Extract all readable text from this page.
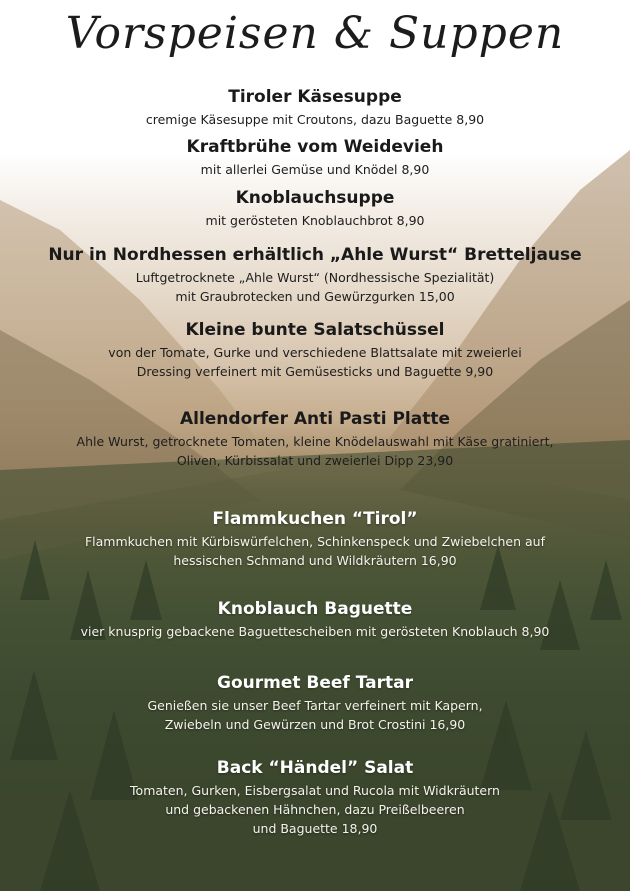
Vorspeisen & Suppen
Tiroler Käsesuppe
cremige Käsesuppe mit Croutons, dazu Baguette 8,90
Kraftbrühe vom Weidevieh
mit allerlei Gemüse und Knödel 8,90
Knoblauchsuppe
mit gerösteten Knoblauchbrot 8,90
Nur in Nordhessen erhältlich „Ahle Wurst“ Bretteljause
Luftgetrocknete „Ahle Wurst“ (Nordhessische Spezialität)
mit Graubrotecken und Gewürzgurken 15,00
Kleine bunte Salatschüssel
von der Tomate, Gurke und verschiedene Blattsalate mit zweierlei
Dressing verfeinert mit Gemüsesticks und Baguette 9,90
Allendorfer Anti Pasti Platte
Ahle Wurst, getrocknete Tomaten, kleine Knödelauswahl mit Käse gratiniert,
Oliven, Kürbissalat und zweierlei Dipp 23,90
Flammkuchen “Tirol”
Flammkuchen mit Kürbiswürfelchen, Schinkenspeck und Zwiebelchen auf
hessischen Schmand und Wildkräutern 16,90
Knoblauch Baguette
vier knusprig gebackene Baguettescheiben mit gerösteten Knoblauch 8,90
Gourmet Beef Tartar
Genießen sie unser Beef Tartar verfeinert mit Kapern,
Zwiebeln und Gewürzen und Brot Crostini 16,90
Back “Händel” Salat
Tomaten, Gurken, Eisbergsalat und Rucola mit Widkräutern
und gebackenen Hähnchen, dazu Preißelbeeren
und Baguette 18,90
